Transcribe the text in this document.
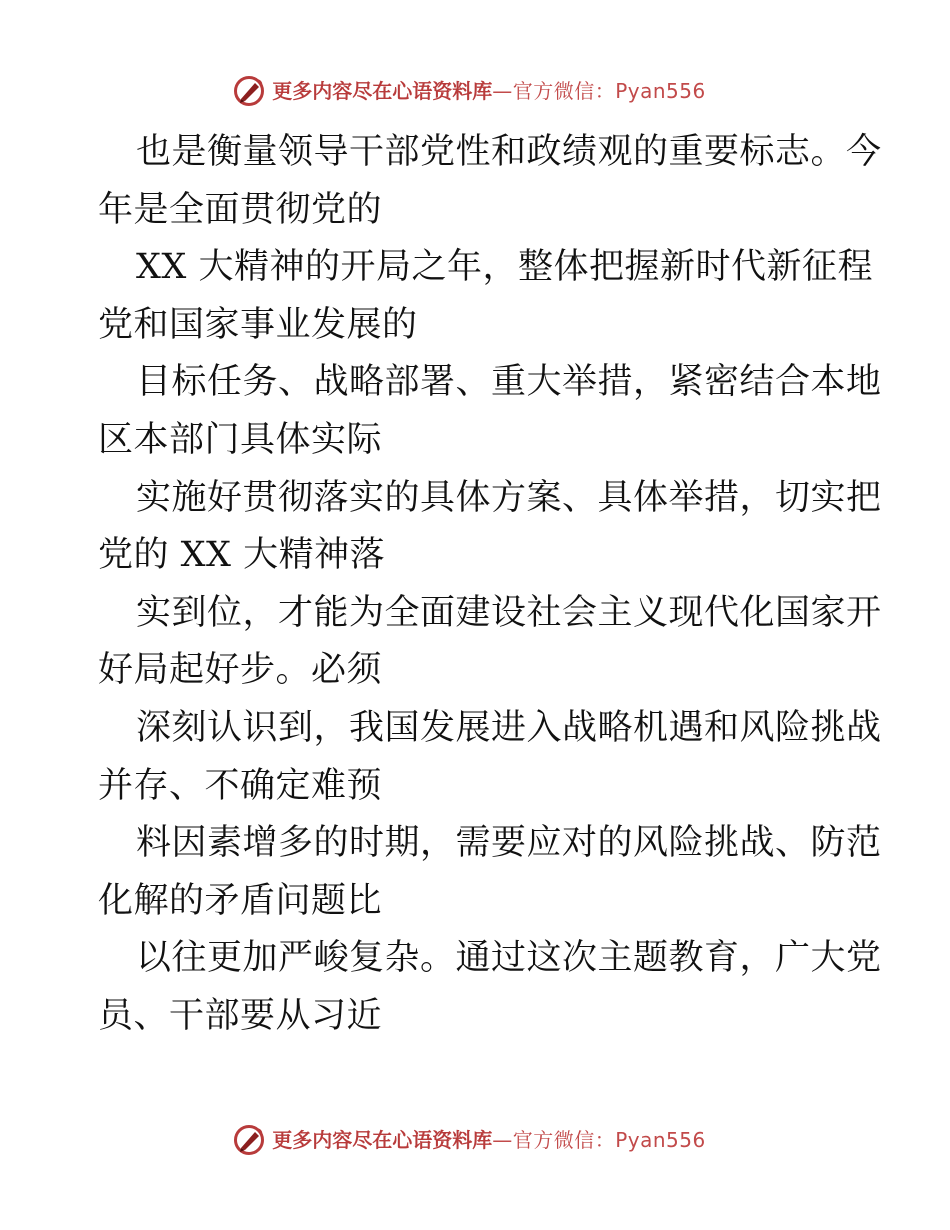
更多内容尽在心语资料库 —官方微信：Pyan556
也是衡量领导干部党性和政绩观的重要标志。今
年是全面贯彻党的
XX 大精神的开局之年，整体把握新时代新征程
党和国家事业发展的
目标任务、战略部署、重大举措，紧密结合本地
区本部门具体实际
实施好贯彻落实的具体方案、具体举措，切实把
党的 XX 大精神落
实到位，才能为全面建设社会主义现代化国家开
好局起好步。必须
深刻认识到，我国发展进入战略机遇和风险挑战
并存、不确定难预
料因素增多的时期，需要应对的风险挑战、防范
化解的矛盾问题比
以往更加严峻复杂。通过这次主题教育，广大党
员、干部要从习近
更多内容尽在心语资料库 —官方微信：Pyan556
